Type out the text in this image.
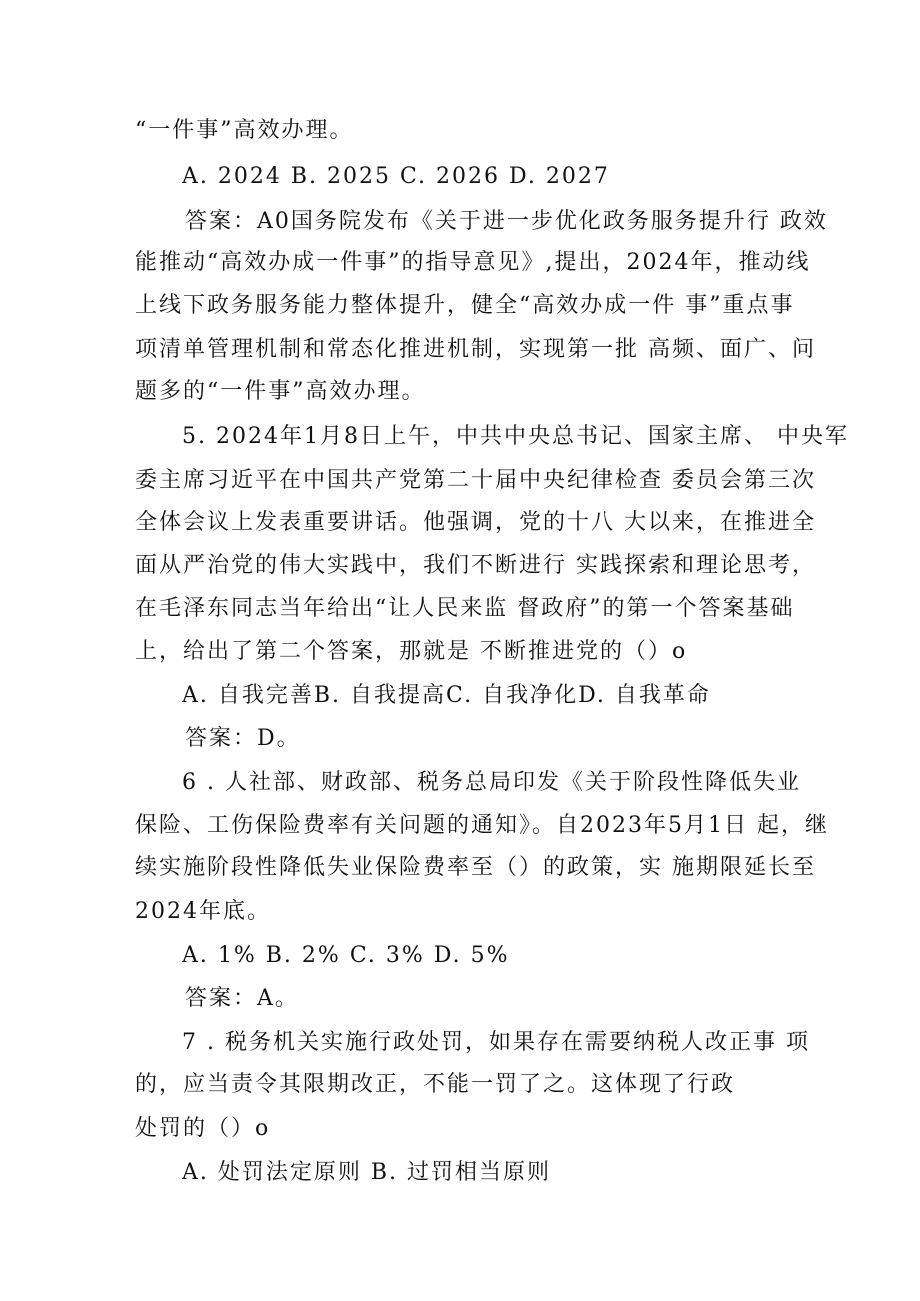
“一件事”高效办理。
A. 2024 B. 2025 C. 2026 D. 2027
答案：A0国务院发布《关于进一步优化政务服务提升行 政效
能推动“高效办成一件事”的指导意见》,提出，2024年，推动线
上线下政务服务能力整体提升，健全“高效办成一件 事”重点事
项清单管理机制和常态化推进机制，实现第一批 高频、面广、问
题多的“一件事”高效办理。
5. 2024年1月8日上午，中共中央总书记、国家主席、 中央军
委主席习近平在中国共产党第二十届中央纪律检查 委员会第三次
全体会议上发表重要讲话。他强调，党的十八 大以来，在推进全
面从严治党的伟大实践中，我们不断进行 实践探索和理论思考，
在毛泽东同志当年给出“让人民来监 督政府”的第一个答案基础
上，给出了第二个答案，那就是 不断推进党的（）o
A. 自我完善B. 自我提高C. 自我净化D. 自我革命
答案：D。
6 . 人社部、财政部、税务总局印发《关于阶段性降低失业
保险、工伤保险费率有关问题的通知》。自2023年5月1日 起，继
续实施阶段性降低失业保险费率至（）的政策，实 施期限延长至
2024年底。
A. 1% B. 2% C. 3% D. 5%
答案：A。
7 . 税务机关实施行政处罚，如果存在需要纳税人改正事 项
的，应当责令其限期改正，不能一罚了之。这体现了行政
处罚的（）o
A. 处罚法定原则 B. 过罚相当原则
